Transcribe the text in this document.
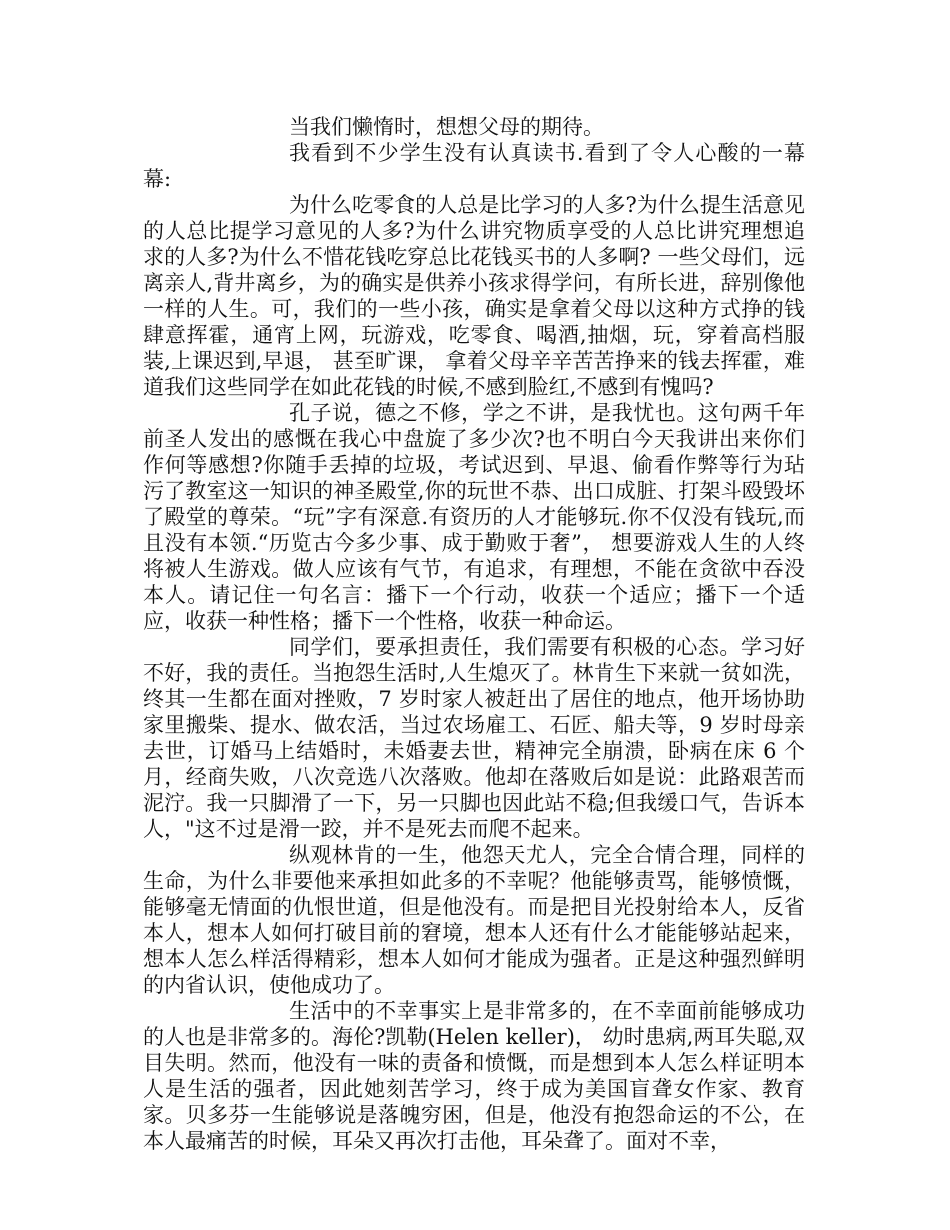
当我们懒惰时，想想父母的期待。

我看到不少学生没有认真读书.看到了令人心酸的一幕幕:

为什么吃零食的人总是比学习的人多?为什么提生活意见的人总比提学习意见的人多?为什么讲究物质享受的人总比讲究理想追求的人多?为什么不惜花钱吃穿总比花钱买书的人多啊? 一些父母们，远离亲人,背井离乡，为的确实是供养小孩求得学问，有所长进，辞别像他一样的人生。可，我们的一些小孩，确实是拿着父母以这种方式挣的钱肆意挥霍，通宵上网，玩游戏，吃零食、喝酒,抽烟，玩，穿着高档服装,上课迟到,早退， 甚至旷课， 拿着父母辛辛苦苦挣来的钱去挥霍，难道我们这些同学在如此花钱的时候,不感到脸红,不感到有愧吗?

孔子说，德之不修，学之不讲，是我忧也。这句两千年前圣人发出的感慨在我心中盘旋了多少次?也不明白今天我讲出来你们作何等感想?你随手丢掉的垃圾，考试迟到、早退、偷看作弊等行为玷污了教室这一知识的神圣殿堂,你的玩世不恭、出口成脏、打架斗殴毁坏了殿堂的尊荣。“玩”字有深意.有资历的人才能够玩.你不仅没有钱玩,而且没有本领.“历览古今多少事、成于勤败于奢”， 想要游戏人生的人终将被人生游戏。做人应该有气节，有追求，有理想，不能在贪欲中吞没本人。请记住一句名言：播下一个行动，收获一个适应；播下一个适应，收获一种性格；播下一个性格，收获一种命运。

同学们，要承担责任，我们需要有积极的心态。学习好不好，我的责任。当抱怨生活时,人生熄灭了。林肯生下来就一贫如洗，终其一生都在面对挫败，7 岁时家人被赶出了居住的地点，他开场协助家里搬柴、提水、做农活，当过农场雇工、石匠、船夫等，9 岁时母亲去世，订婚马上结婚时，未婚妻去世，精神完全崩溃，卧病在床 6 个月，经商失败，八次竞选八次落败。他却在落败后如是说：此路艰苦而泥泞。我一只脚滑了一下，另一只脚也因此站不稳;但我缓口气，告诉本人，"这不过是滑一跤，并不是死去而爬不起来。

纵观林肯的一生，他怨天尤人，完全合情合理，同样的生命，为什么非要他来承担如此多的不幸呢？他能够责骂，能够愤慨，能够毫无情面的仇恨世道，但是他没有。而是把目光投射给本人，反省本人，想本人如何打破目前的窘境，想本人还有什么才能能够站起来，想本人怎么样活得精彩，想本人如何才能成为强者。正是这种强烈鲜明的内省认识，使他成功了。

生活中的不幸事实上是非常多的，在不幸面前能够成功的人也是非常多的。海伦?凯勒(Helen keller)， 幼时患病,两耳失聪,双目失明。然而，他没有一味的责备和愤慨，而是想到本人怎么样证明本人是生活的强者，因此她刻苦学习，终于成为美国盲聋女作家、教育家。贝多芬一生能够说是落魄穷困，但是，他没有抱怨命运的不公，在本人最痛苦的时候，耳朵又再次打击他，耳朵聋了。面对不幸，
